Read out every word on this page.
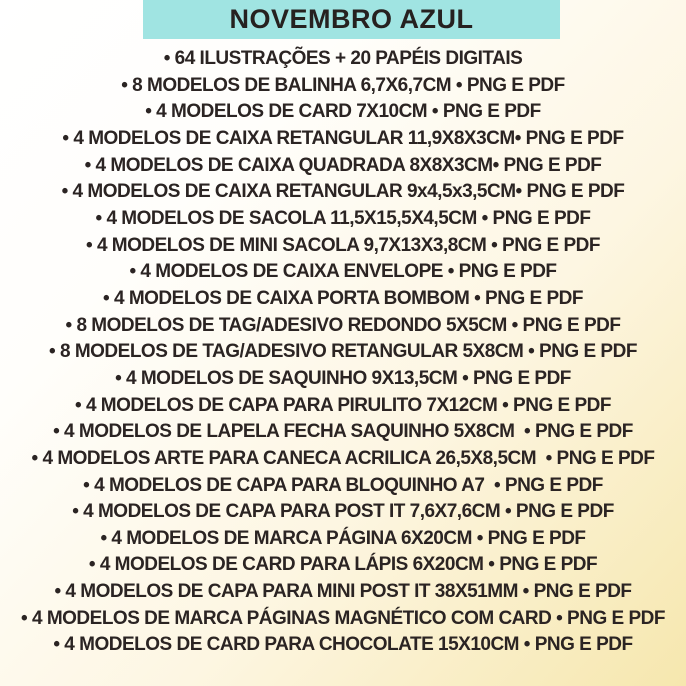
NOVEMBRO AZUL
• 64 ILUSTRAÇÕES + 20 PAPÉIS DIGITAIS
• 8 MODELOS DE BALINHA 6,7X6,7CM • PNG E PDF
• 4 MODELOS DE CARD 7X10CM • PNG E PDF
• 4 MODELOS DE CAIXA RETANGULAR 11,9X8X3CM• PNG E PDF
• 4 MODELOS DE CAIXA QUADRADA 8X8X3CM• PNG E PDF
• 4 MODELOS DE CAIXA RETANGULAR 9x4,5x3,5CM• PNG E PDF
• 4 MODELOS DE SACOLA 11,5X15,5X4,5CM • PNG E PDF
• 4 MODELOS DE MINI SACOLA 9,7X13X3,8CM • PNG E PDF
• 4 MODELOS DE CAIXA ENVELOPE • PNG E PDF
• 4 MODELOS DE CAIXA PORTA BOMBOM • PNG E PDF
• 8 MODELOS DE TAG/ADESIVO REDONDO 5X5CM • PNG E PDF
• 8 MODELOS DE TAG/ADESIVO RETANGULAR 5X8CM • PNG E PDF
• 4 MODELOS DE SAQUINHO 9X13,5CM • PNG E PDF
• 4 MODELOS DE CAPA PARA PIRULITO 7X12CM • PNG E PDF
• 4 MODELOS DE LAPELA FECHA SAQUINHO 5X8CM  • PNG E PDF
• 4 MODELOS ARTE PARA CANECA ACRILICA 26,5X8,5CM  • PNG E PDF
• 4 MODELOS DE CAPA PARA BLOQUINHO A7  • PNG E PDF
• 4 MODELOS DE CAPA PARA POST IT 7,6X7,6CM • PNG E PDF
• 4 MODELOS DE MARCA PÁGINA 6X20CM • PNG E PDF
• 4 MODELOS DE CARD PARA LÁPIS 6X20CM • PNG E PDF
• 4 MODELOS DE CAPA PARA MINI POST IT 38X51MM • PNG E PDF
• 4 MODELOS DE MARCA PÁGINAS MAGNÉTICO COM CARD • PNG E PDF
• 4 MODELOS DE CARD PARA CHOCOLATE 15X10CM • PNG E PDF
